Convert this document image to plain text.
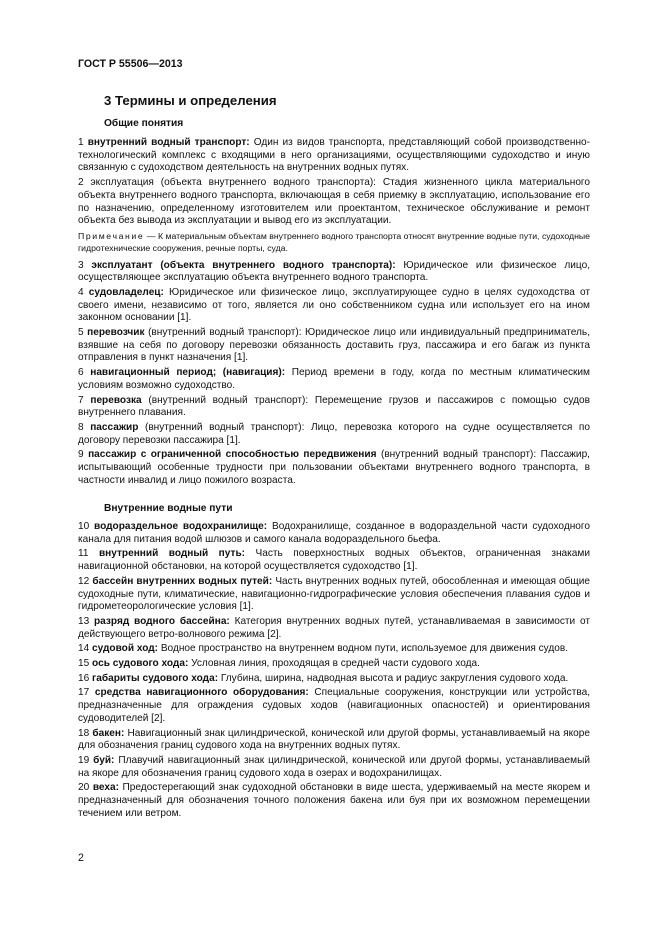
ГОСТ Р 55506—2013
3 Термины и определения
Общие понятия

1 внутренний водный транспорт: Один из видов транспорта, представляющий собой производственно-технологический комплекс с входящими в него организациями, осуществляющими судоходство и иную связанную с судоходством деятельность на внутренних водных путях.

2 эксплуатация (объекта внутреннего водного транспорта): Стадия жизненного цикла материального объекта внутреннего водного транспорта, включающая в себя приемку в эксплуатацию, использование его по назначению, определенному изготовителем или проектантом, техническое обслуживание и ремонт объекта без вывода из эксплуатации и вывод его из эксплуатации.

Примечание — К материальным объектам внутреннего водного транспорта относят внутренние водные пути, судоходные гидротехнические сооружения, речные порты, суда.

3 эксплуатант (объекта внутреннего водного транспорта): Юридическое или физическое лицо, осуществляющее эксплуатацию объекта внутреннего водного транспорта.

4 судовладелец: Юридическое или физическое лицо, эксплуатирующее судно в целях судоходства от своего имени, независимо от того, является ли оно собственником судна или использует его на ином законном основании [1].

5 перевозчик (внутренний водный транспорт): Юридическое лицо или индивидуальный предприниматель, взявшие на себя по договору перевозки обязанность доставить груз, пассажира и его багаж из пункта отправления в пункт назначения [1].

6 навигационный период; (навигация): Период времени в году, когда по местным климатическим условиям возможно судоходство.

7 перевозка (внутренний водный транспорт): Перемещение грузов и пассажиров с помощью судов внутреннего плавания.

8 пассажир (внутренний водный транспорт): Лицо, перевозка которого на судне осуществляется по договору перевозки пассажира [1].

9 пассажир с ограниченной способностью передвижения (внутренний водный транспорт): Пассажир, испытывающий особенные трудности при пользовании объектами внутреннего водного транспорта, в частности инвалид и лицо пожилого возраста.

Внутренние водные пути

10 водораздельное водохранилище: Водохранилище, созданное в водораздельной части судоходного канала для питания водой шлюзов и самого канала водораздельного бьефа.

11 внутренний водный путь: Часть поверхностных водных объектов, ограниченная знаками навигационной обстановки, на которой осуществляется судоходство [1].

12 бассейн внутренних водных путей: Часть внутренних водных путей, обособленная и имеющая общие судоходные пути, климатические, навигационно-гидрографические условия обеспечения плавания судов и гидрометеорологические условия [1].

13 разряд водного бассейна: Категория внутренних водных путей, устанавливаемая в зависимости от действующего ветро-волнового режима [2].

14 судовой ход: Водное пространство на внутреннем водном пути, используемое для движения судов.

15 ось судового хода: Условная линия, проходящая в средней части судового хода.

16 габариты судового хода: Глубина, ширина, надводная высота и радиус закругления судового хода.

17 средства навигационного оборудования: Специальные сооружения, конструкции или устройства, предназначенные для ограждения судовых ходов (навигационных опасностей) и ориентирования судоводителей [2].

18 бакен: Навигационный знак цилиндрической, конической или другой формы, устанавливаемый на якоре для обозначения границ судового хода на внутренних водных путях.

19 буй: Плавучий навигационный знак цилиндрической, конической или другой формы, устанавливаемый на якоре для обозначения границ судового хода в озерах и водохранилищах.

20 веха: Предостерегающий знак судоходной обстановки в виде шеста, удерживаемый на месте якорем и предназначенный для обозначения точного положения бакена или буя при их возможном перемещении течением или ветром.

2
